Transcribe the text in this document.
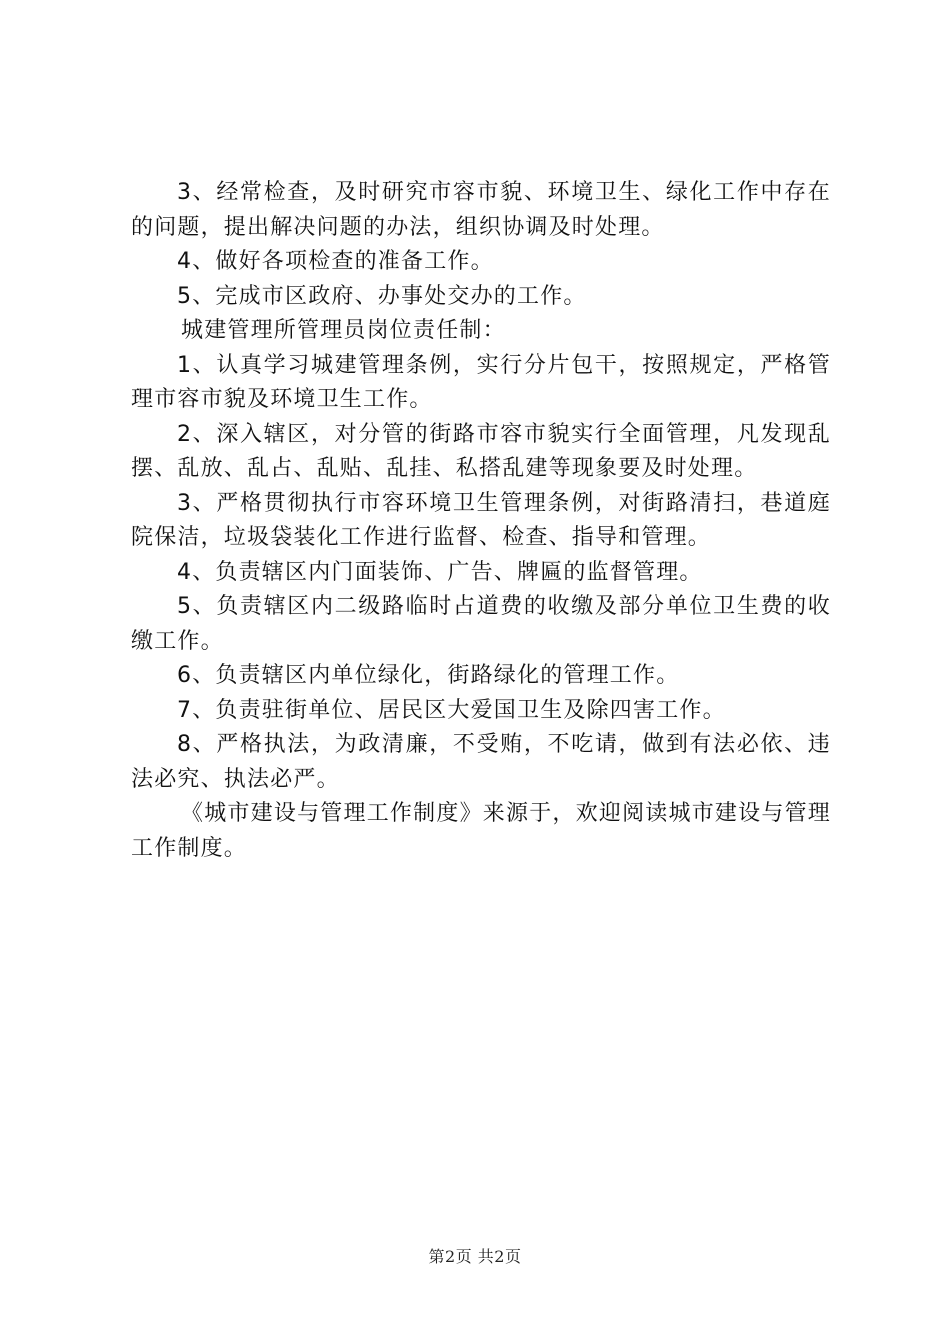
3、经常检查，及时研究市容市貌、环境卫生、绿化工作中存在的问题，提出解决问题的办法，组织协调及时处理。

4、做好各项检查的准备工作。

5、完成市区政府、办事处交办的工作。

城建管理所管理员岗位责任制：

1、认真学习城建管理条例，实行分片包干，按照规定，严格管理市容市貌及环境卫生工作。

2、深入辖区，对分管的街路市容市貌实行全面管理，凡发现乱摆、乱放、乱占、乱贴、乱挂、私搭乱建等现象要及时处理。

3、严格贯彻执行市容环境卫生管理条例，对街路清扫，巷道庭院保洁，垃圾袋装化工作进行监督、检查、指导和管理。

4、负责辖区内门面装饰、广告、牌匾的监督管理。

5、负责辖区内二级路临时占道费的收缴及部分单位卫生费的收缴工作。

6、负责辖区内单位绿化，街路绿化的管理工作。

7、负责驻街单位、居民区大爱国卫生及除四害工作。

8、严格执法，为政清廉，不受贿，不吃请，做到有法必依、违法必究、执法必严。

《城市建设与管理工作制度》来源于，欢迎阅读城市建设与管理工作制度。

第2页 共2页
